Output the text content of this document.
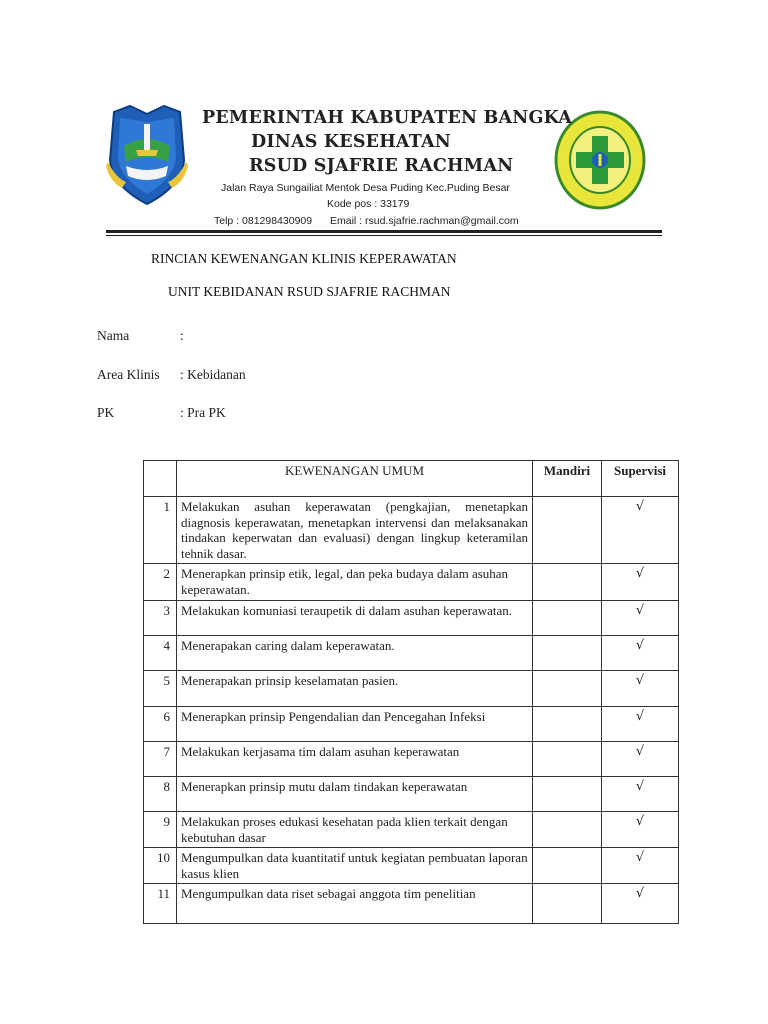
PEMERINTAH KABUPATEN BANGKA
DINAS KESEHATAN
RSUD SJAFRIE RACHMAN
Jalan Raya Sungailiat Mentok Desa Puding Kec.Puding Besar
Kode pos : 33179
Telp : 081298430909 Email : rsud.sjafrie.rachman@gmail.com
RINCIAN KEWENANGAN KLINIS KEPERAWATAN
UNIT KEBIDANAN RSUD SJAFRIE RACHMAN
Nama	:
Area Klinis : Kebidanan
PK	: Pra PK
	KEWENANGAN UMUM	Mandiri	Supervisi
1	Melakukan asuhan keperawatan (pengkajian, menetapkan diagnosis keperawatan, menetapkan intervensi dan melaksanakan tindakan keperwatan dan evaluasi) dengan lingkup keteramilan tehnik dasar.		√
2	Menerapkan prinsip etik, legal, dan peka budaya dalam asuhan keperawatan.		√
3	Melakukan komuniasi teraupetik di dalam asuhan keperawatan.		√
4	Menerapakan caring dalam keperawatan.		√
5	Menerapakan prinsip keselamatan pasien.		√
6	Menerapkan prinsip Pengendalian dan Pencegahan Infeksi		√
7	Melakukan kerjasama tim dalam asuhan keperawatan		√
8	Menerapkan prinsip mutu dalam tindakan keperawatan		√
9	Melakukan proses edukasi kesehatan pada klien terkait dengan kebutuhan dasar		√
10	Mengumpulkan data kuantitatif untuk kegiatan pembuatan laporan kasus klien		√
11	Mengumpulkan data riset sebagai anggota tim penelitian		√
